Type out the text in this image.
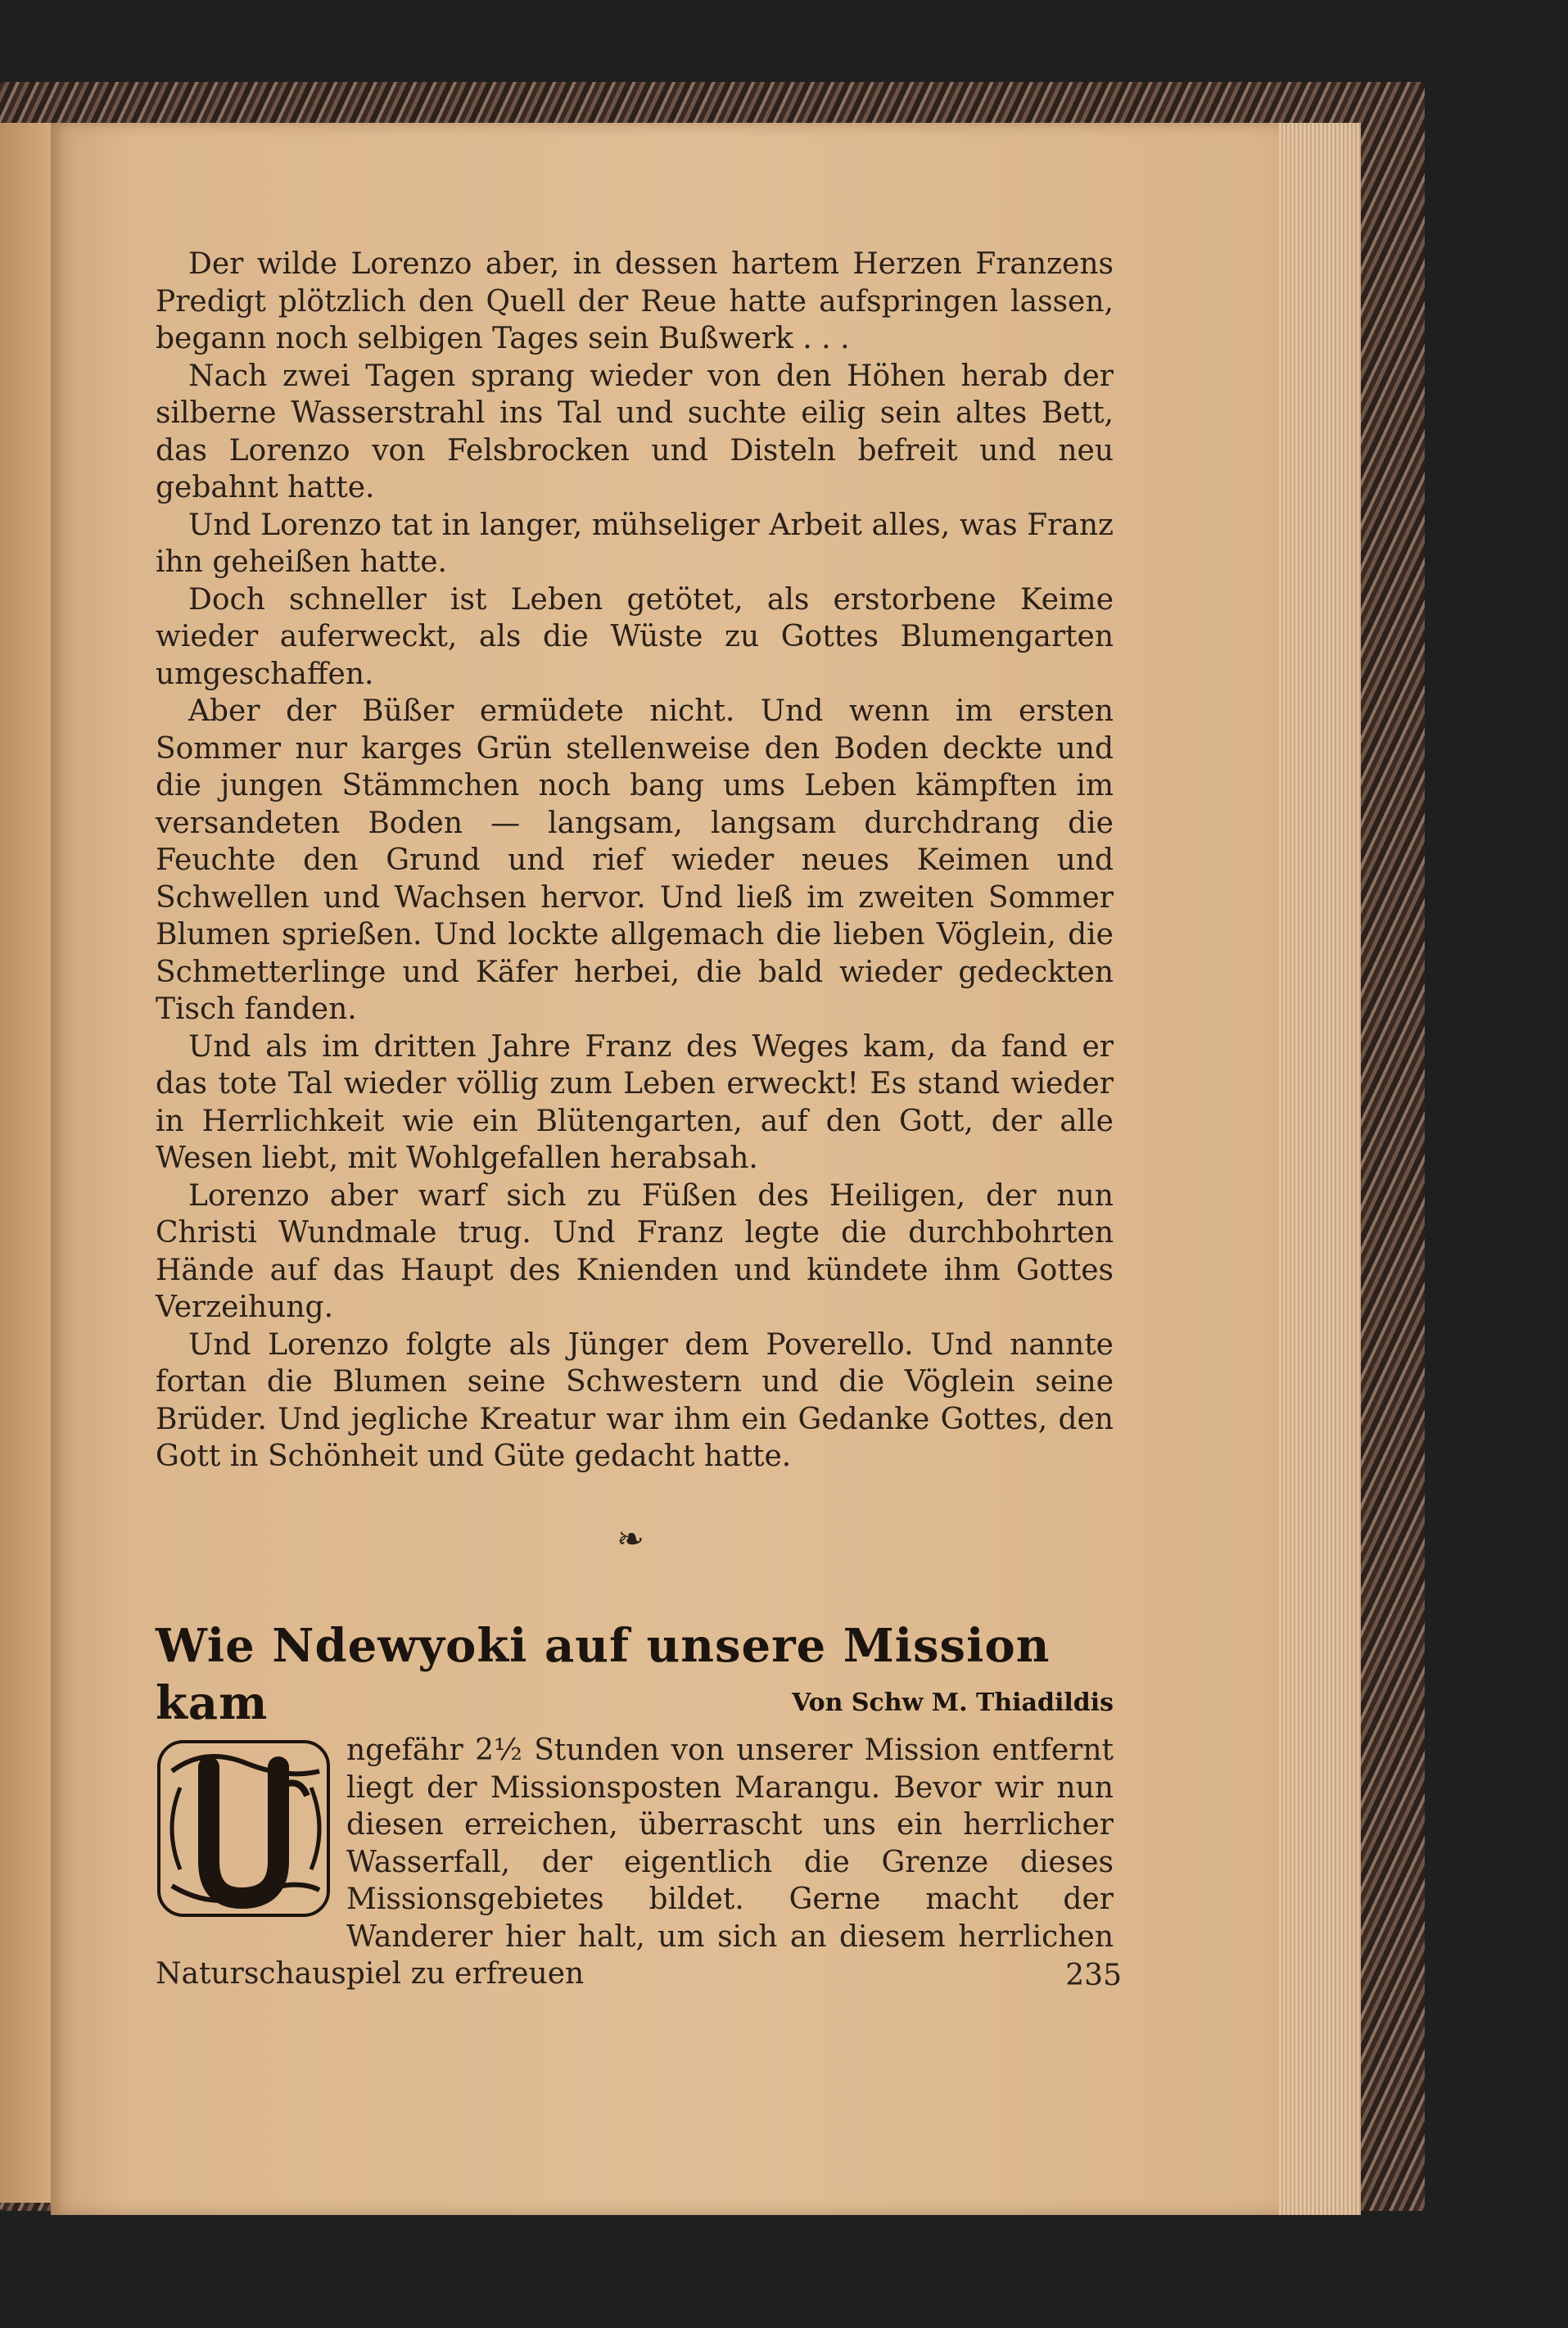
Der wilde Lorenzo aber, in dessen hartem Herzen Franzens Predigt plötzlich den Quell der Reue hatte aufspringen lassen, begann noch selbigen Tages sein Bußwerk . . .

Nach zwei Tagen sprang wieder von den Höhen herab der silberne Wasserstrahl ins Tal und suchte eilig sein altes Bett, das Lorenzo von Felsbrocken und Disteln befreit und neu gebahnt hatte.

Und Lorenzo tat in langer, mühseliger Arbeit alles, was Franz ihn geheißen hatte.

Doch schneller ist Leben getötet, als erstorbene Keime wieder auferweckt, als die Wüste zu Gottes Blumengarten umgeschaffen.

Aber der Büßer ermüdete nicht. Und wenn im ersten Sommer nur karges Grün stellenweise den Boden deckte und die jungen Stämmchen noch bang ums Leben kämpften im versandeten Boden — langsam, langsam durchdrang die Feuchte den Grund und rief wieder neues Keimen und Schwellen und Wachsen hervor. Und ließ im zweiten Sommer Blumen sprießen. Und lockte allgemach die lieben Vöglein, die Schmetterlinge und Käfer herbei, die bald wieder gedeckten Tisch fanden.

Und als im dritten Jahre Franz des Weges kam, da fand er das tote Tal wieder völlig zum Leben erweckt! Es stand wieder in Herrlichkeit wie ein Blütengarten, auf den Gott, der alle Wesen liebt, mit Wohlgefallen herabsah.

Lorenzo aber warf sich zu Füßen des Heiligen, der nun Christi Wundmale trug. Und Franz legte die durchbohrten Hände auf das Haupt des Knienden und kündete ihm Gottes Verzeihung.

Und Lorenzo folgte als Jünger dem Poverello. Und nannte fortan die Blumen seine Schwestern und die Vöglein seine Brüder. Und jegliche Kreatur war ihm ein Gedanke Gottes, den Gott in Schönheit und Güte gedacht hatte.

❧
Wie Ndewyoki auf unsere Mission kam	Von Schw M. Thiadildis

ngefähr 2½ Stunden von unserer Mission entfernt liegt der Missionsposten Marangu. Bevor wir nun diesen erreichen, überrascht uns ein herrlicher Wasserfall, der eigentlich die Grenze dieses Missionsgebietes bildet. Gerne macht der Wanderer hier halt, um sich an diesem herrlichen Naturschauspiel zu erfreuen	235
